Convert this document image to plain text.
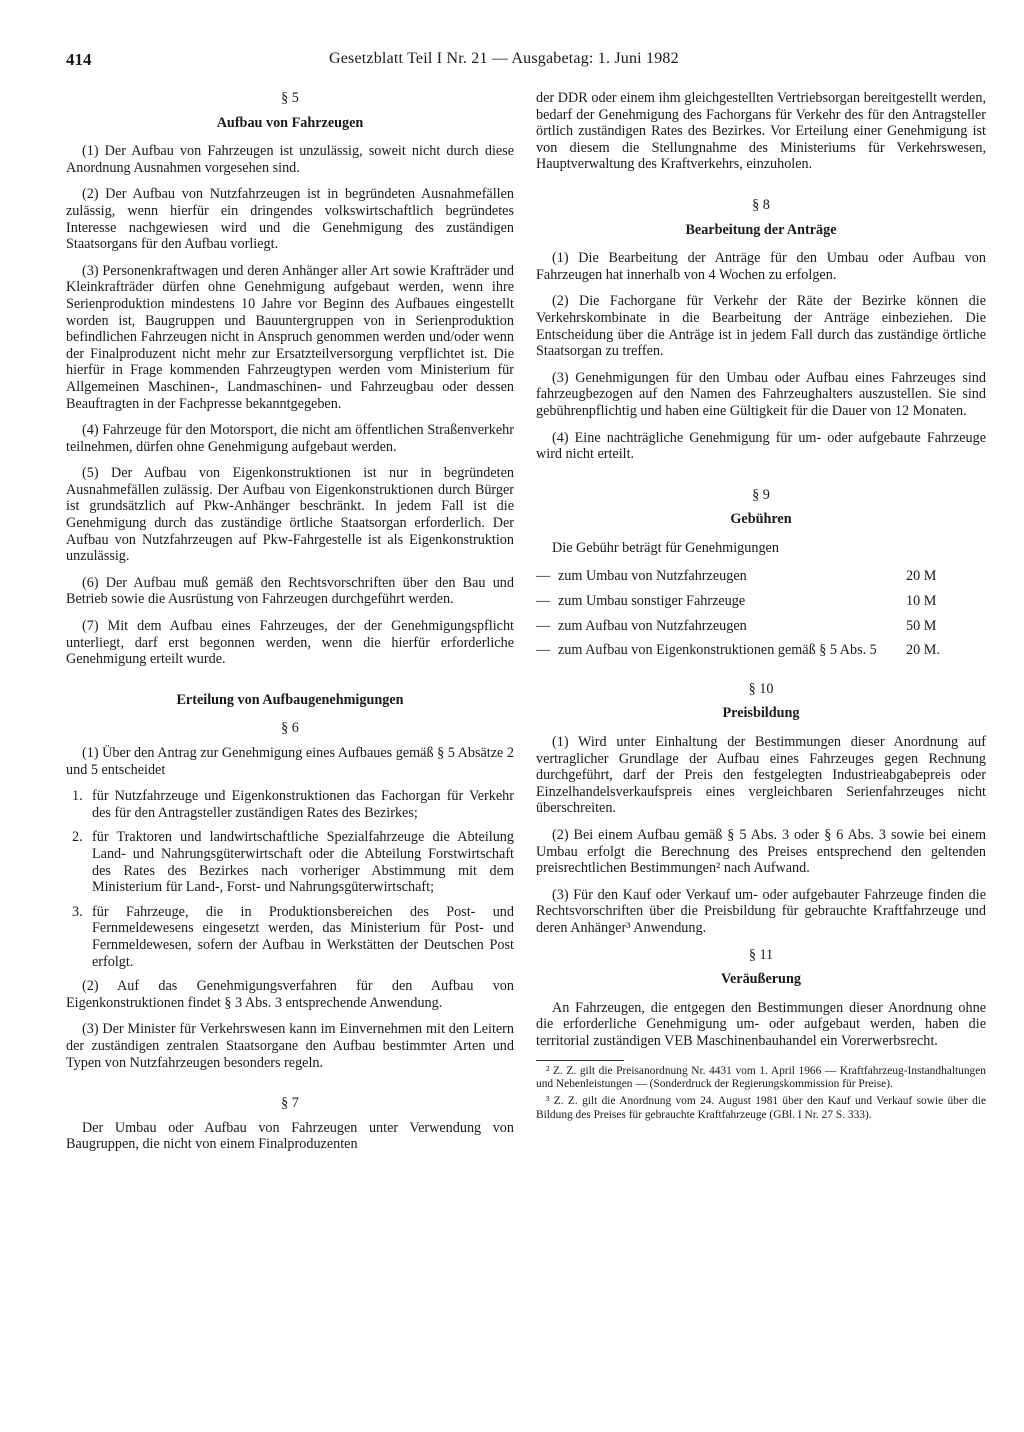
414	Gesetzblatt Teil I Nr. 21 — Ausgabetag: 1. Juni 1982
§ 5
Aufbau von Fahrzeugen

(1) Der Aufbau von Fahrzeugen ist unzulässig, soweit nicht durch diese Anordnung Ausnahmen vorgesehen sind.

(2) Der Aufbau von Nutzfahrzeugen ist in begründeten Ausnahmefällen zulässig, wenn hierfür ein dringendes volkswirtschaftlich begründetes Interesse nachgewiesen wird und die Genehmigung des zuständigen Staatsorgans für den Aufbau vorliegt.

(3) Personenkraftwagen und deren Anhänger aller Art sowie Krafträder und Kleinkrafträder dürfen ohne Genehmigung aufgebaut werden, wenn ihre Serienproduktion mindestens 10 Jahre vor Beginn des Aufbaues eingestellt worden ist, Baugruppen und Bauuntergruppen von in Serienproduktion befindlichen Fahrzeugen nicht in Anspruch genommen werden und/oder wenn der Finalproduzent nicht mehr zur Ersatzteilversorgung verpflichtet ist. Die hierfür in Frage kommenden Fahrzeugtypen werden vom Ministerium für Allgemeinen Maschinen-, Landmaschinen- und Fahrzeugbau oder dessen Beauftragten in der Fachpresse bekanntgegeben.

(4) Fahrzeuge für den Motorsport, die nicht am öffentlichen Straßenverkehr teilnehmen, dürfen ohne Genehmigung aufgebaut werden.

(5) Der Aufbau von Eigenkonstruktionen ist nur in begründeten Ausnahmefällen zulässig. Der Aufbau von Eigenkonstruktionen durch Bürger ist grundsätzlich auf Pkw-Anhänger beschränkt. In jedem Fall ist die Genehmigung durch das zuständige örtliche Staatsorgan erforderlich. Der Aufbau von Nutzfahrzeugen auf Pkw-Fahrgestelle ist als Eigenkonstruktion unzulässig.

(6) Der Aufbau muß gemäß den Rechtsvorschriften über den Bau und Betrieb sowie die Ausrüstung von Fahrzeugen durchgeführt werden.

(7) Mit dem Aufbau eines Fahrzeuges, der der Genehmigungspflicht unterliegt, darf erst begonnen werden, wenn die hierfür erforderliche Genehmigung erteilt wurde.

Erteilung von Aufbaugenehmigungen
§ 6

(1) Über den Antrag zur Genehmigung eines Aufbaues gemäß § 5 Absätze 2 und 5 entscheidet

1. für Nutzfahrzeuge und Eigenkonstruktionen das Fachorgan für Verkehr des für den Antragsteller zuständigen Rates des Bezirkes;
2. für Traktoren und landwirtschaftliche Spezialfahrzeuge die Abteilung Land- und Nahrungsgüterwirtschaft oder die Abteilung Forstwirtschaft des Rates des Bezirkes nach vorheriger Abstimmung mit dem Ministerium für Land-, Forst- und Nahrungsgüterwirtschaft;
3. für Fahrzeuge, die in Produktionsbereichen des Post- und Fernmeldewesens eingesetzt werden, das Ministerium für Post- und Fernmeldewesen, sofern der Aufbau in Werkstätten der Deutschen Post erfolgt.

(2) Auf das Genehmigungsverfahren für den Aufbau von Eigenkonstruktionen findet § 3 Abs. 3 entsprechende Anwendung.

(3) Der Minister für Verkehrswesen kann im Einvernehmen mit den Leitern der zuständigen zentralen Staatsorgane den Aufbau bestimmter Arten und Typen von Nutzfahrzeugen besonders regeln.

§ 7

Der Umbau oder Aufbau von Fahrzeugen unter Verwendung von Baugruppen, die nicht von einem Finalproduzenten

der DDR oder einem ihm gleichgestellten Vertriebsorgan bereitgestellt werden, bedarf der Genehmigung des Fachorgans für Verkehr des für den Antragsteller örtlich zuständigen Rates des Bezirkes. Vor Erteilung einer Genehmigung ist von diesem die Stellungnahme des Ministeriums für Verkehrswesen, Hauptverwaltung des Kraftverkehrs, einzuholen.

§ 8
Bearbeitung der Anträge

(1) Die Bearbeitung der Anträge für den Umbau oder Aufbau von Fahrzeugen hat innerhalb von 4 Wochen zu erfolgen.

(2) Die Fachorgane für Verkehr der Räte der Bezirke können die Verkehrskombinate in die Bearbeitung der Anträge einbeziehen. Die Entscheidung über die Anträge ist in jedem Fall durch das zuständige örtliche Staatsorgan zu treffen.

(3) Genehmigungen für den Umbau oder Aufbau eines Fahrzeuges sind fahrzeugbezogen auf den Namen des Fahrzeughalters auszustellen. Sie sind gebührenpflichtig und haben eine Gültigkeit für die Dauer von 12 Monaten.

(4) Eine nachträgliche Genehmigung für um- oder aufgebaute Fahrzeuge wird nicht erteilt.

§ 9
Gebühren
Die Gebühr beträgt für Genehmigungen
— zum Umbau von Nutzfahrzeugen	20 M
— zum Umbau sonstiger Fahrzeuge	10 M
— zum Aufbau von Nutzfahrzeugen	50 M
— zum Aufbau von Eigenkonstruktionen gemäß § 5 Abs. 5	20 M.
§ 10
Preisbildung

(1) Wird unter Einhaltung der Bestimmungen dieser Anordnung auf vertraglicher Grundlage der Aufbau eines Fahrzeuges gegen Rechnung durchgeführt, darf der Preis den festgelegten Industrieabgabepreis oder Einzelhandelsverkaufspreis eines vergleichbaren Serienfahrzeuges nicht überschreiten.

(2) Bei einem Aufbau gemäß § 5 Abs. 3 oder § 6 Abs. 3 sowie bei einem Umbau erfolgt die Berechnung des Preises entsprechend den geltenden preisrechtlichen Bestimmungen² nach Aufwand.

(3) Für den Kauf oder Verkauf um- oder aufgebauter Fahrzeuge finden die Rechtsvorschriften über die Preisbildung für gebrauchte Kraftfahrzeuge und deren Anhänger³ Anwendung.

§ 11
Veräußerung

An Fahrzeugen, die entgegen den Bestimmungen dieser Anordnung ohne die erforderliche Genehmigung um- oder aufgebaut werden, haben die territorial zuständigen VEB Maschinenbauhandel ein Vorerwerbsrecht.

² Z. Z. gilt die Preisanordnung Nr. 4431 vom 1. April 1966 — Kraftfahrzeug-Instandhaltungen und Nebenleistungen — (Sonderdruck der Regierungskommission für Preise).
³ Z. Z. gilt die Anordnung vom 24. August 1981 über den Kauf und Verkauf sowie über die Bildung des Preises für gebrauchte Kraftfahrzeuge (GBl. I Nr. 27 S. 333).
